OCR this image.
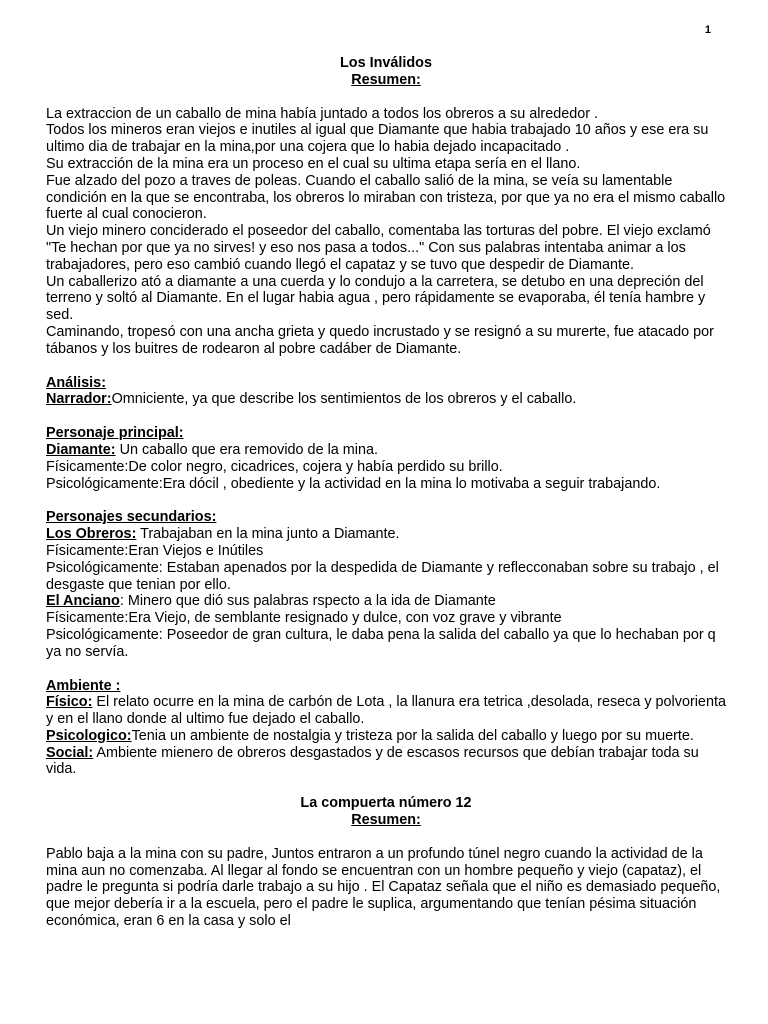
1
Los Inválidos
Resumen:

La extraccion de un caballo de mina había juntado a todos los obreros a su alrededor .

Todos los mineros eran viejos e inutiles al igual que Diamante que habia trabajado 10 años y ese era su ultimo dia de trabajar en la mina,por una cojera que lo habia dejado incapacitado .

Su extracción de la mina era un proceso en el cual su ultima etapa sería en el llano.

Fue alzado del pozo a traves de poleas. Cuando el caballo salió de la mina, se veía su lamentable condición en la que se encontraba, los obreros lo miraban con tristeza, por que ya no era el mismo caballo fuerte al cual conocieron.

Un viejo minero conciderado el poseedor del caballo, comentaba las torturas del pobre. El viejo exclamó "Te hechan por que ya no sirves! y eso nos pasa a todos..." Con sus palabras intentaba animar a los trabajadores, pero eso cambió cuando llegó el capataz y se tuvo que despedir de Diamante.

Un caballerizo ató a diamante a una cuerda y lo condujo a la carretera, se detubo en una depreción del terreno y soltó al Diamante. En el lugar habia agua , pero rápidamente se evaporaba, él tenía hambre y sed.

Caminando, tropesó con una ancha grieta y quedo incrustado y se resignó a su murerte, fue atacado por tábanos y los buitres de rodearon al pobre cadáber de Diamante.

Análisis:

Narrador:Omniciente, ya que describe los sentimientos de los obreros y el caballo.

Personaje principal:

Diamante: Un caballo que era removido de la mina.

Físicamente:De color negro, cicadrices, cojera y había perdido su brillo.

Psicológicamente:Era dócil , obediente y la actividad en la mina lo motivaba a seguir trabajando.

Personajes secundarios:

Los Obreros: Trabajaban en la mina junto a Diamante.

Físicamente:Eran Viejos e Inútiles

Psicológicamente: Estaban apenados por la despedida de Diamante y reflecconaban sobre su trabajo , el desgaste que tenian por ello.

El Anciano: Minero que dió sus palabras rspecto a la ida de Diamante

Físicamente:Era Viejo, de semblante resignado y dulce, con voz grave y vibrante

Psicológicamente: Poseedor de gran cultura, le daba pena la salida del caballo ya que lo hechaban por q ya no servía.

Ambiente :

Físico: El relato ocurre en la mina de carbón de Lota , la llanura era tetrica ,desolada, reseca y polvorienta y en el llano donde al ultimo fue dejado el caballo.

Psicologico:Tenia un ambiente de nostalgia y tristeza por la salida del caballo y luego por su muerte.

Social: Ambiente mienero de obreros desgastados y de escasos recursos que debían trabajar toda su vida.

La compuerta número 12
Resumen:

Pablo baja a la mina con su padre, Juntos entraron a un profundo túnel negro cuando la actividad de la mina aun no comenzaba. Al llegar al fondo se encuentran con un hombre pequeño y viejo (capataz), el padre le pregunta si podría darle trabajo a su hijo . El Capataz señala que el niño es demasiado pequeño, que mejor debería ir a la escuela, pero el padre le suplica, argumentando que tenían pésima situación económica, eran 6 en la casa y solo el
